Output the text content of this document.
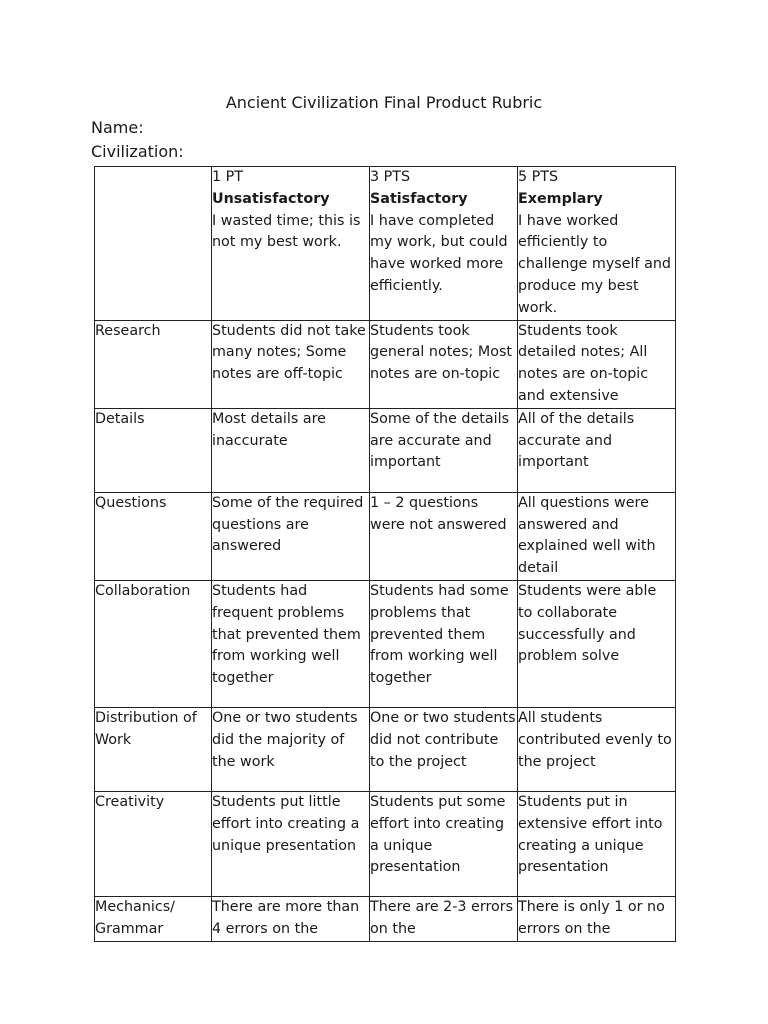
Ancient Civilization Final Product Rubric

Name:

Civilization:

	1 PT
Unsatisfactory
I wasted time; this is not my best work.	3 PTS
Satisfactory
I have completed my work, but could have worked more efficiently.	5 PTS
Exemplary
I have worked efficiently to challenge myself and produce my best work.

Research	Students did not take many notes; Some notes are off-topic	Students took general notes; Most notes are on-topic	Students took detailed notes; All notes are on-topic and extensive

Details	Most details are inaccurate	Some of the details are accurate and important	All of the details accurate and important

Questions	Some of the required questions are answered	1 – 2 questions were not answered	All questions were answered and explained well with detail

Collaboration	Students had frequent problems that prevented them from working well together	Students had some problems that prevented them from working well together	Students were able to collaborate successfully and problem solve

Distribution of Work	One or two students did the majority of the work	One or two students did not contribute to the project	All students contributed evenly to the project

Creativity	Students put little effort into creating a unique presentation	Students put some effort into creating a unique presentation	Students put in extensive effort into creating a unique presentation

Mechanics/ Grammar	There are more than 4 errors on the	There are 2-3 errors on the	There is only 1 or no errors on the
